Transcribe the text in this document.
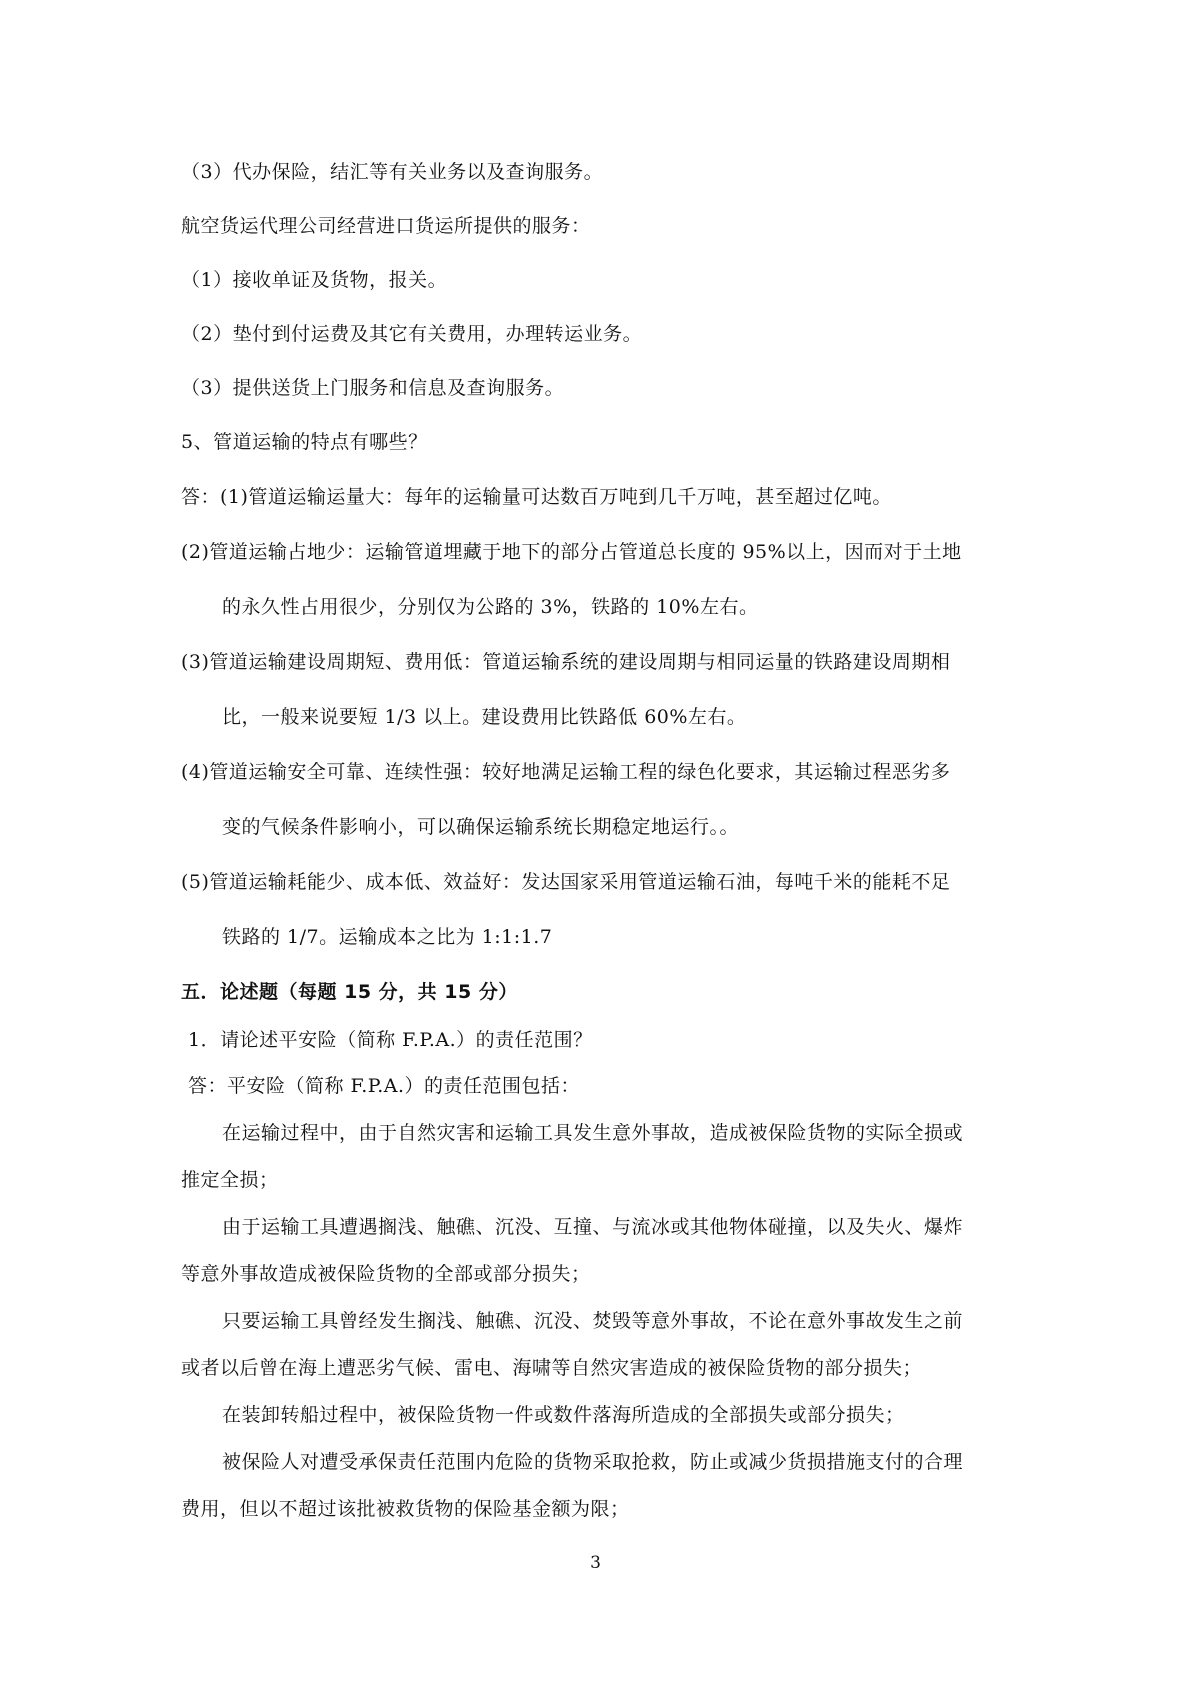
（3）代办保险，结汇等有关业务以及查询服务。
航空货运代理公司经营进口货运所提供的服务：
（1）接收单证及货物，报关。
（2）垫付到付运费及其它有关费用，办理转运业务。
（3）提供送货上门服务和信息及查询服务。
5、管道运输的特点有哪些？
答：(1)管道运输运量大：每年的运输量可达数百万吨到几千万吨，甚至超过亿吨。
(2)管道运输占地少：运输管道埋藏于地下的部分占管道总长度的 95%以上，因而对于土地
的永久性占用很少，分别仅为公路的 3%，铁路的 10%左右。
(3)管道运输建设周期短、费用低：管道运输系统的建设周期与相同运量的铁路建设周期相
比，一般来说要短 1/3 以上。建设费用比铁路低 60%左右。
(4)管道运输安全可靠、连续性强：较好地满足运输工程的绿色化要求，其运输过程恶劣多
变的气候条件影响小，可以确保运输系统长期稳定地运行。。
(5)管道运输耗能少、成本低、效益好：发达国家采用管道运输石油，每吨千米的能耗不足
铁路的 1/7。运输成本之比为 1:1:1.7
五．论述题（每题 15 分，共 15 分）
1．请论述平安险（简称 F.P.A.）的责任范围？
答：平安险（简称 F.P.A.）的责任范围包括：
在运输过程中，由于自然灾害和运输工具发生意外事故，造成被保险货物的实际全损或
推定全损；
由于运输工具遭遇搁浅、触礁、沉没、互撞、与流冰或其他物体碰撞，以及失火、爆炸
等意外事故造成被保险货物的全部或部分损失；
只要运输工具曾经发生搁浅、触礁、沉没、焚毁等意外事故，不论在意外事故发生之前
或者以后曾在海上遭恶劣气候、雷电、海啸等自然灾害造成的被保险货物的部分损失；
在装卸转船过程中，被保险货物一件或数件落海所造成的全部损失或部分损失；
被保险人对遭受承保责任范围内危险的货物采取抢救，防止或减少货损措施支付的合理
费用，但以不超过该批被救货物的保险基金额为限；
3
